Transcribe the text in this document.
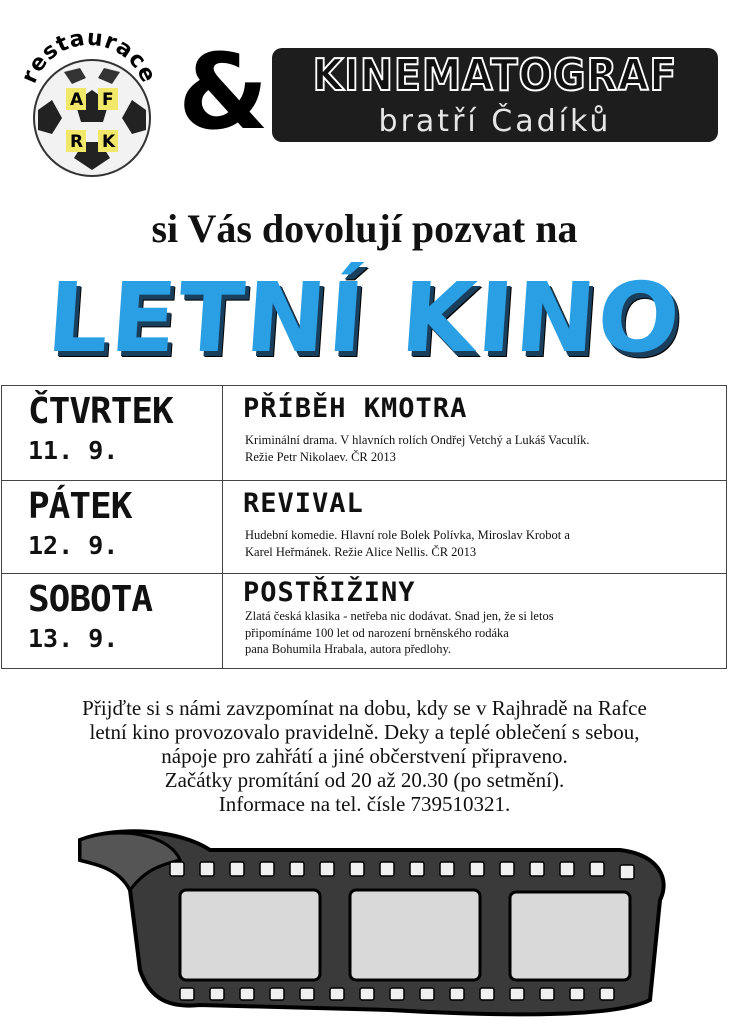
restaurace
A F
R K & KINEMATOGRAF
bratří Čadíků
si Vás dovolují pozvat na
LETNÍ KINO
ČTVRTEK
11. 9.	PŘÍBĚH KMOTRA
Kriminální drama. V hlavních rolích Ondřej Vetchý a Lukáš Vaculík.
Režie Petr Nikolaev. ČR 2013

PÁTEK
12. 9.	REVIVAL
Hudební komedie. Hlavní role Bolek Polívka, Miroslav Krobot a
Karel Heřmánek. Režie Alice Nellis. ČR 2013

SOBOTA
13. 9.	POSTŘIŽINY
Zlatá česká klasika - netřeba nic dodávat. Snad jen, že si letos
připomínáme 100 let od narození brněnského rodáka
pana Bohumila Hrabala, autora předlohy.
Přijďte si s námi zavzpomínat na dobu, kdy se v Rajhradě na Rafce
letní kino provozovalo pravidelně. Deky a teplé oblečení s sebou,
nápoje pro zahřátí a jiné občerstvení připraveno.
Začátky promítání od 20 až 20.30 (po setmění).
Informace na tel. čísle 739510321.
